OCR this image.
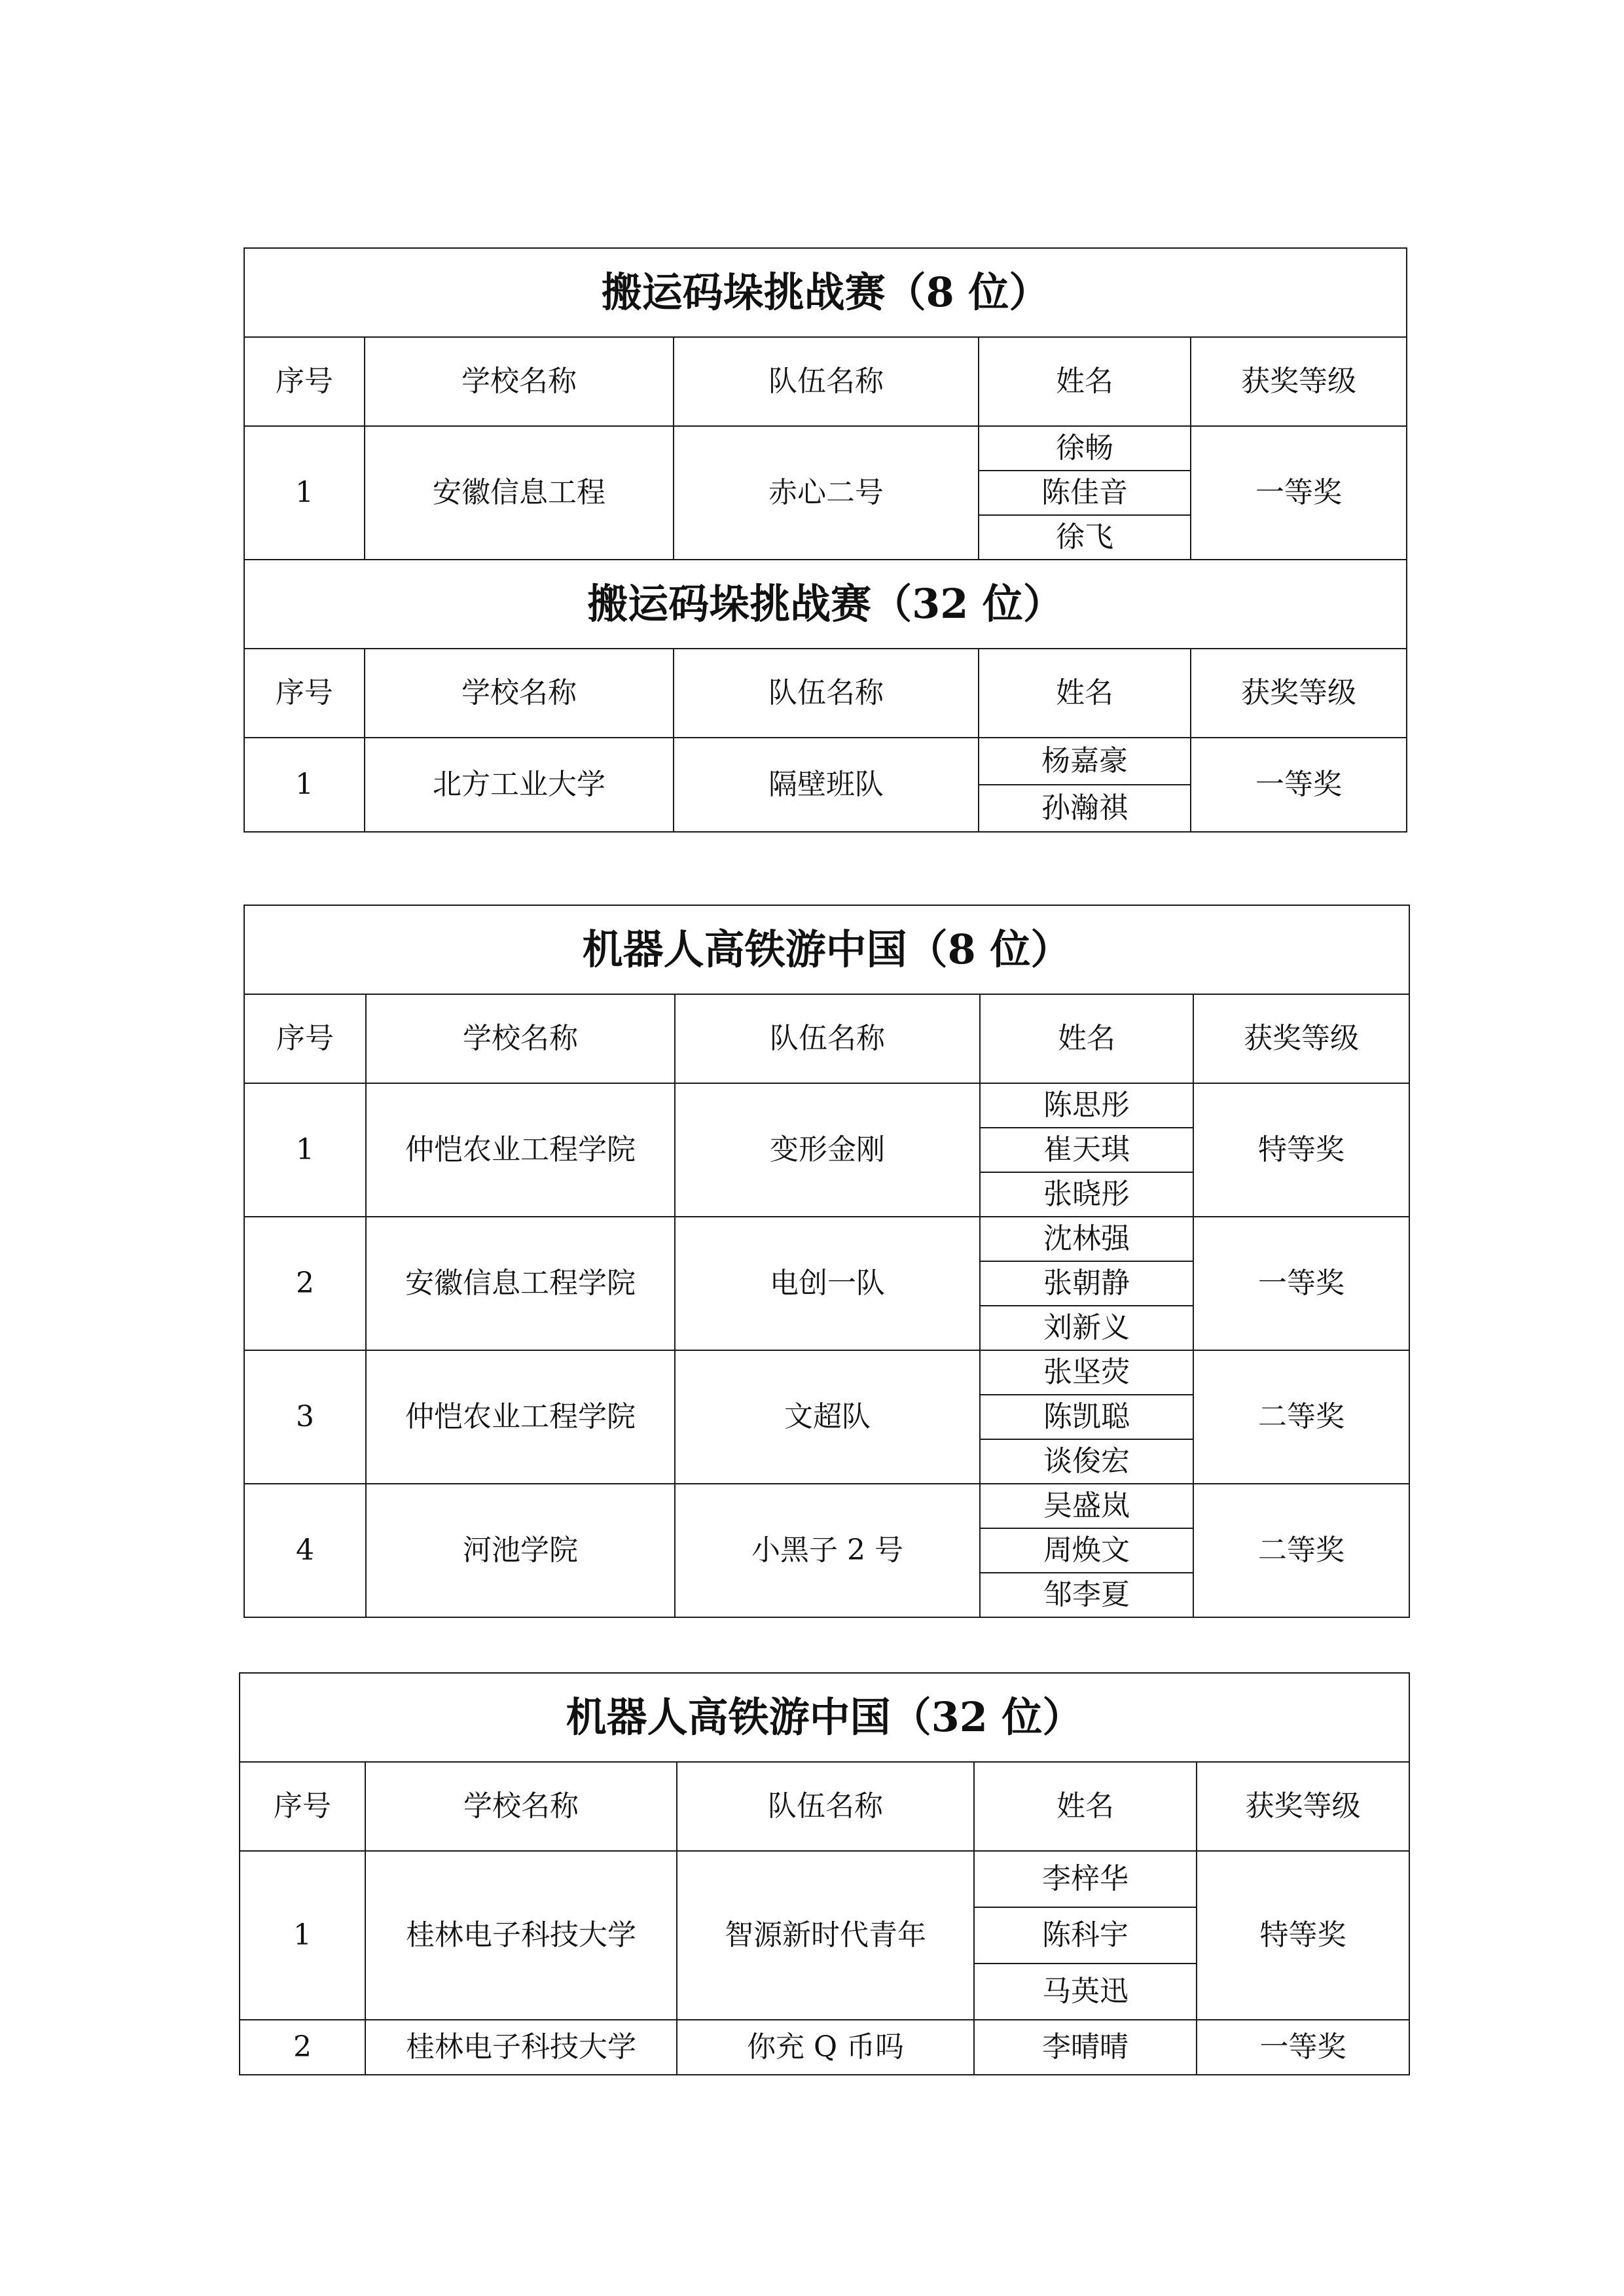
搬运码垛挑战赛（8 位）				
序号	学校名称	队伍名称	姓名	获奖等级
1	安徽信息工程	赤心二号	徐畅	一等奖
			陈佳音	
			徐飞	
搬运码垛挑战赛（32 位）				
序号	学校名称	队伍名称	姓名	获奖等级
1	北方工业大学	隔壁班队	杨嘉豪	一等奖
			孙瀚祺	
机器人高铁游中国（8 位）				
序号	学校名称	队伍名称	姓名	获奖等级
1	仲恺农业工程学院	变形金刚	陈思彤	特等奖
			崔天琪	
			张晓彤	
2	安徽信息工程学院	电创一队	沈林强	一等奖
			张朝静	
			刘新义	
3	仲恺农业工程学院	文超队	张坚荧	二等奖
			陈凯聪	
			谈俊宏	
4	河池学院	小黑子 2 号	吴盛岚	二等奖
			周焕文	
			邹李夏	
机器人高铁游中国（32 位）				
序号	学校名称	队伍名称	姓名	获奖等级
1	桂林电子科技大学	智源新时代青年	李梓华	特等奖
			陈科宇	
			马英迅	
2	桂林电子科技大学	你充 Q 币吗	李晴晴	一等奖
